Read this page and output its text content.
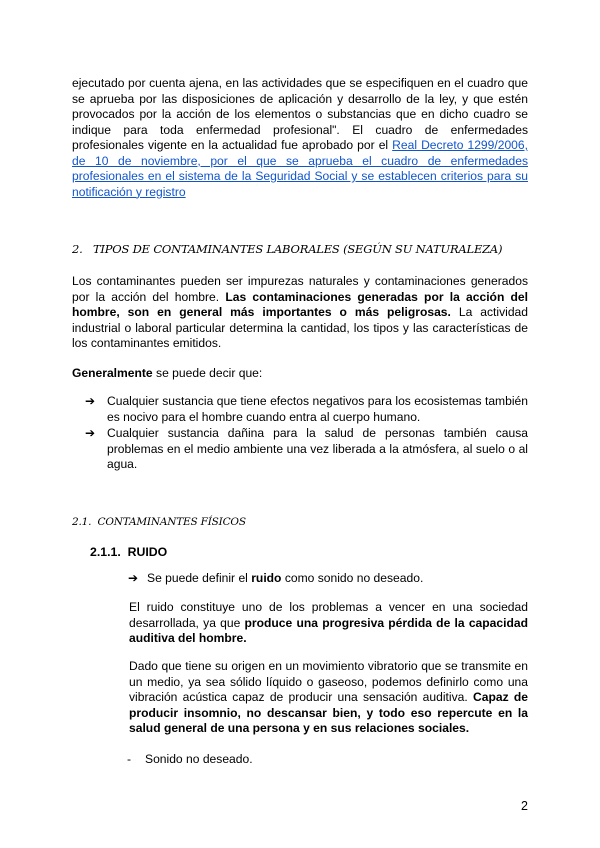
ejecutado por cuenta ajena, en las actividades que se especifiquen en el cuadro que se aprueba por las disposiciones de aplicación y desarrollo de la ley, y que estén provocados por la acción de los elementos o substancias que en dicho cuadro se indique para toda enfermedad profesional". El cuadro de enfermedades profesionales vigente en la actualidad fue aprobado por el Real Decreto 1299/2006, de 10 de noviembre, por el que se aprueba el cuadro de enfermedades profesionales en el sistema de la Seguridad Social y se establecen criterios para su notificación y registro

2.   TIPOS DE CONTAMINANTES LABORALES (SEGÚN SU NATURALEZA)

Los contaminantes pueden ser impurezas naturales y contaminaciones generados por la acción del hombre. Las contaminaciones generadas por la acción del hombre, son en general más importantes o más peligrosas. La actividad industrial o laboral particular determina la cantidad, los tipos y las características de los contaminantes emitidos.

Generalmente se puede decir que:

➔ Cualquier sustancia que tiene efectos negativos para los ecosistemas también es nocivo para el hombre cuando entra al cuerpo humano.
➔ Cualquier sustancia dañina para la salud de personas también causa problemas en el medio ambiente una vez liberada a la atmósfera, al suelo o al agua.
2.1.  CONTAMINANTES FÍSICOS
2.1.1.  RUIDO
➔ Se puede definir el ruido como sonido no deseado.

El ruido constituye uno de los problemas a vencer en una sociedad desarrollada, ya que produce una progresiva pérdida de la capacidad auditiva del hombre.

Dado que tiene su origen en un movimiento vibratorio que se transmite en un medio, ya sea sólido líquido o gaseoso, podemos definirlo como una vibración acústica capaz de producir una sensación auditiva. Capaz de producir insomnio, no descansar bien, y todo eso repercute en la salud general de una persona y en sus relaciones sociales.

- Sonido no deseado.
2
